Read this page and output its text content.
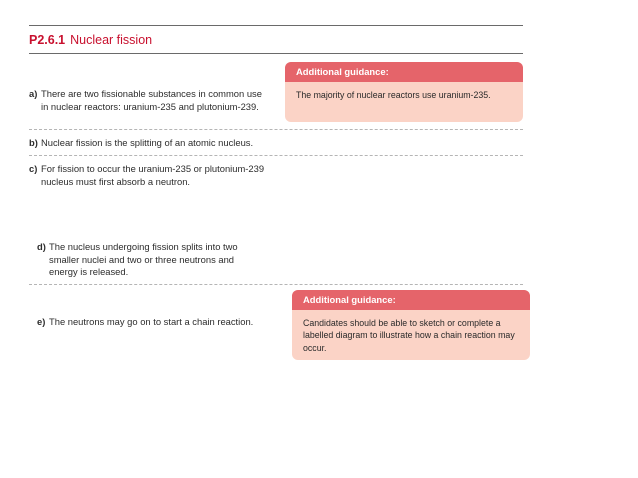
P2.6.1 Nuclear fission
Additional guidance:
The majority of nuclear reactors use uranium-235.
a) There are two fissionable substances in common use in nuclear reactors: uranium-235 and plutonium-239.
b) Nuclear fission is the splitting of an atomic nucleus.
c) For fission to occur the uranium-235 or plutonium-239 nucleus must first absorb a neutron.
d) The nucleus undergoing fission splits into two smaller nuclei and two or three neutrons and energy is released.
Additional guidance:
Candidates should be able to sketch or complete a labelled diagram to illustrate how a chain reaction may occur.
e) The neutrons may go on to start a chain reaction.
